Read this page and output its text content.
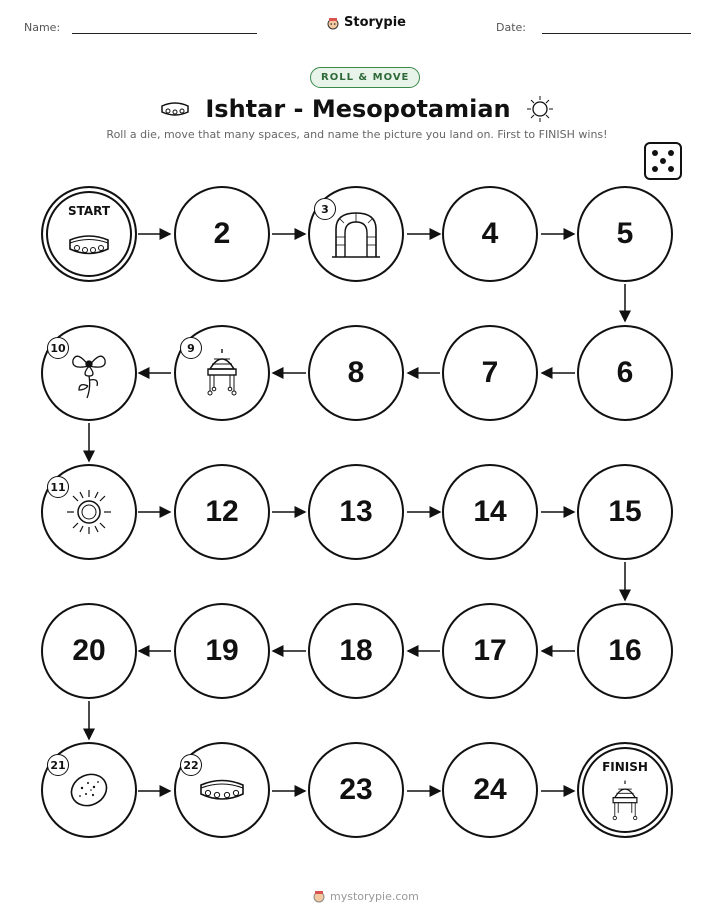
Name:	Storypie	Date:
ROLL & MOVE
Ishtar - Mesopotamian
Roll a die, move that many spaces, and name the picture you land on. First to FINISH wins!
START
2
3
4	5
6
7
8
9
10
11
12	13	14	15
16
17
18
19
20
21	22
23	24
FINISH
mystorypie.com
